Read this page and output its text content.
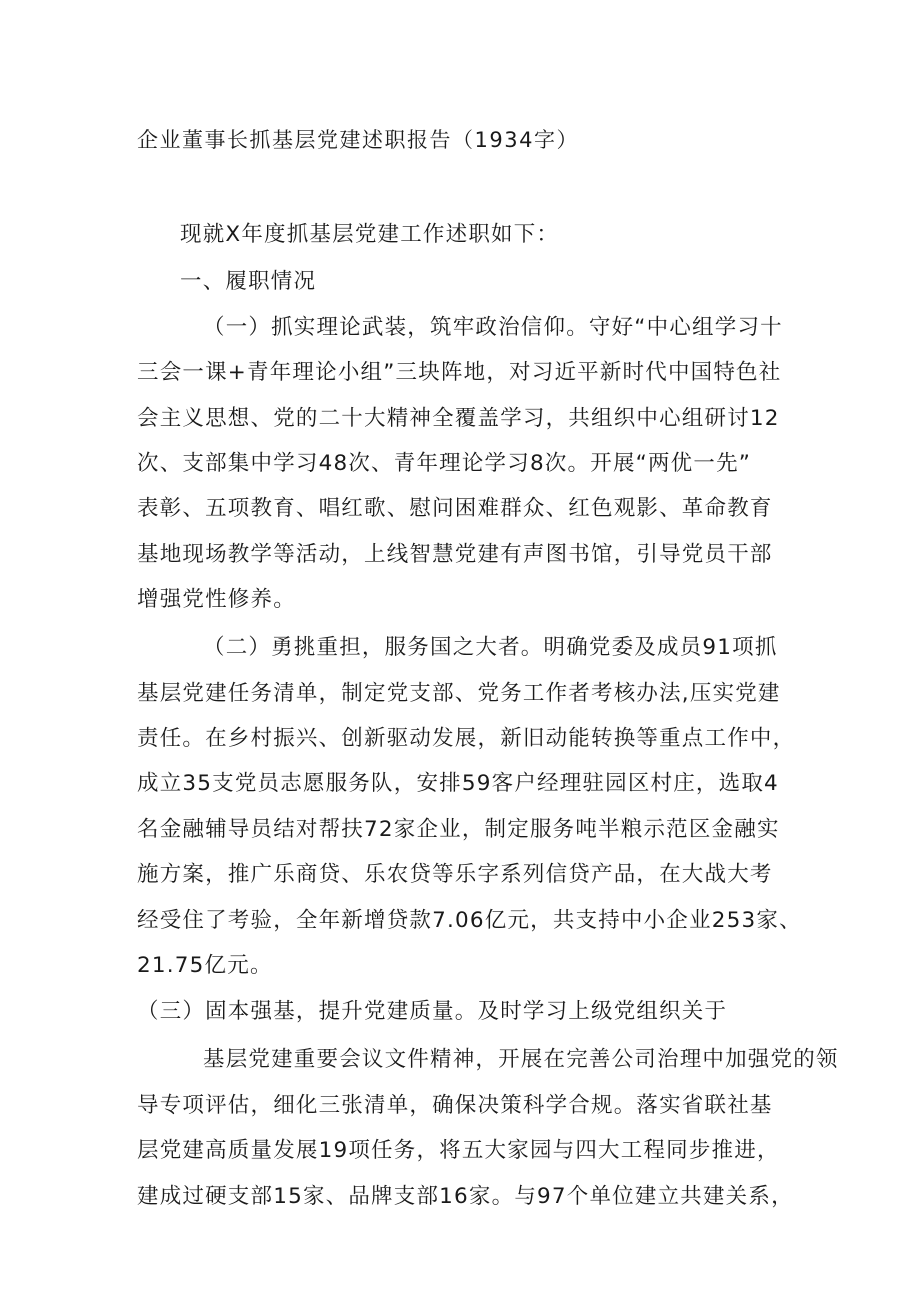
企业董事长抓基层党建述职报告（1934字）
现就X年度抓基层党建工作述职如下：
一、履职情况
（一）抓实理论武装，筑牢政治信仰。守好“中心组学习十
三会一课+青年理论小组”三块阵地，对习近平新时代中国特色社
会主义思想、党的二十大精神全覆盖学习，共组织中心组研讨12
次、支部集中学习48次、青年理论学习8次。开展“两优一先”
表彰、五项教育、唱红歌、慰问困难群众、红色观影、革命教育
基地现场教学等活动，上线智慧党建有声图书馆，引导党员干部
增强党性修养。
（二）勇挑重担，服务国之大者。明确党委及成员91项抓
基层党建任务清单，制定党支部、党务工作者考核办法,压实党建
责任。在乡村振兴、创新驱动发展，新旧动能转换等重点工作中，
成立35支党员志愿服务队，安排59客户经理驻园区村庄，选取4
名金融辅导员结对帮扶72家企业，制定服务吨半粮示范区金融实
施方案，推广乐商贷、乐农贷等乐字系列信贷产品，在大战大考
经受住了考验，全年新增贷款7.06亿元，共支持中小企业253家、
21.75亿元。
（三）固本强基，提升党建质量。及时学习上级党组织关于
基层党建重要会议文件精神，开展在完善公司治理中加强党的领
导专项评估，细化三张清单，确保决策科学合规。落实省联社基
层党建高质量发展19项任务，将五大家园与四大工程同步推进，
建成过硬支部15家、品牌支部16家。与97个单位建立共建关系，
